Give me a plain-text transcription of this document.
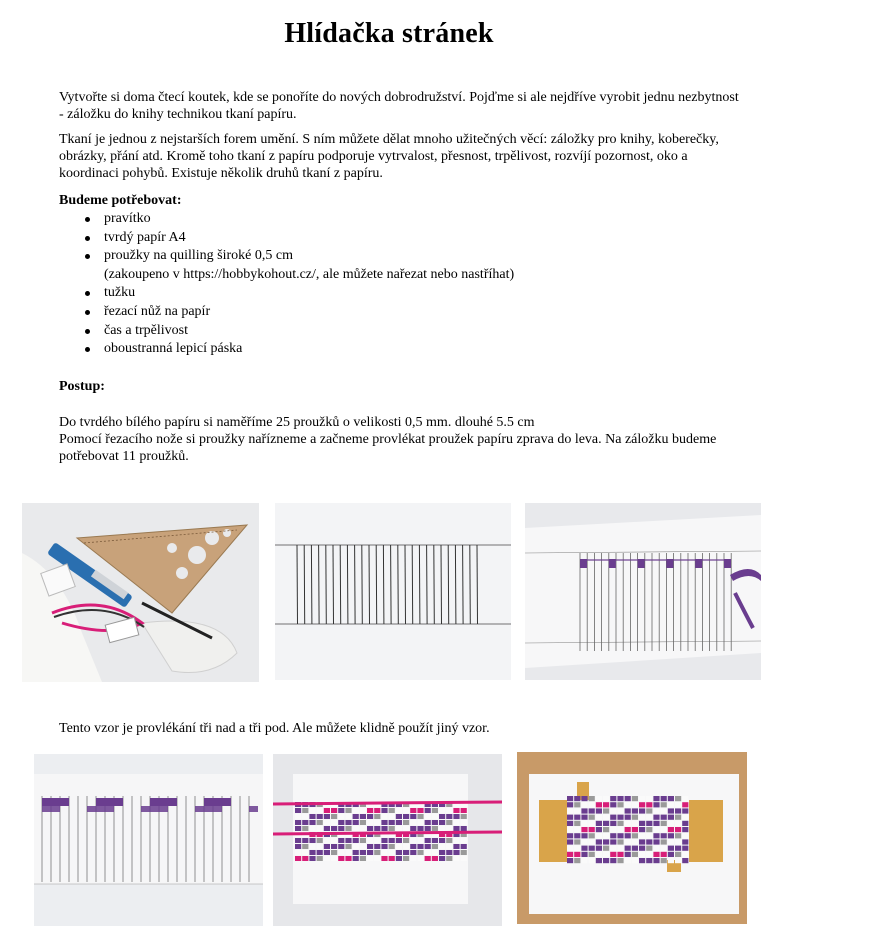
Hlídačka stránek
Vytvořte si doma čtecí koutek, kde se ponoříte do nových dobrodružství. Pojďme si ale nejdříve vyrobit jednu nezbytnost - záložku do knihy technikou tkaní papíru.
Tkaní je jednou z nejstarších forem umění. S ním můžete dělat mnoho užitečných věcí: záložky pro knihy, koberečky, obrázky, přání atd. Kromě toho tkaní z papíru podporuje vytrvalost, přesnost, trpělivost, rozvíjí pozornost, oko a koordinaci pohybů. Existuje několik druhů tkaní z papíru.
Budeme potřebovat:
pravítko
tvrdý papír A4
proužky na quilling široké 0,5 cm
(zakoupeno v https://hobbykohout.cz/, ale můžete nařezat nebo nastříhat)
tužku
řezací nůž na papír
čas a trpělivost
oboustranná lepicí páska
Postup:
Do tvrdého bílého papíru si naměříme 25 proužků o velikosti 0,5 mm. dlouhé 5.5 cm
Pomocí řezacího nože si proužky nařízneme a začneme provlékat proužek papíru zprava do leva. Na záložku budeme potřebovat 11 proužků.
Tento vzor je provlékání tři nad a tři pod. Ale můžete klidně použít jiný vzor.
